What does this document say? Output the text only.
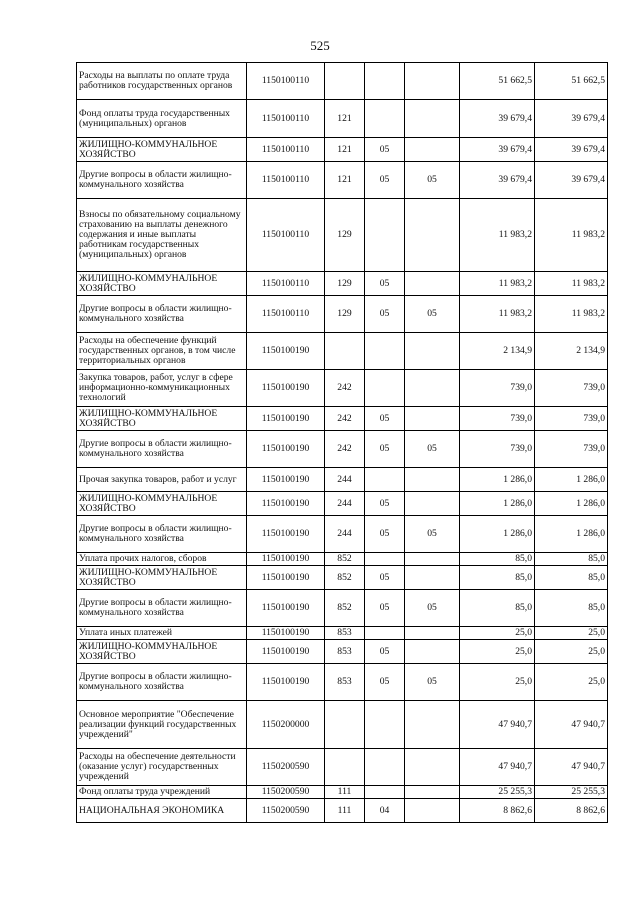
525
Расходы на выплаты по оплате труда работников государственных органов	1150100110				51 662,5	51 662,5
Фонд оплаты труда государственных (муниципальных) органов	1150100110	121			39 679,4	39 679,4
ЖИЛИЩНО-КОММУНАЛЬНОЕ ХОЗЯЙСТВО	1150100110	121	05		39 679,4	39 679,4
Другие вопросы в области жилищно-коммунального хозяйства	1150100110	121	05	05	39 679,4	39 679,4
Взносы по обязательному социальному страхованию на выплаты денежного содержания и иные выплаты работникам государственных (муниципальных) органов	1150100110	129			11 983,2	11 983,2
ЖИЛИЩНО-КОММУНАЛЬНОЕ ХОЗЯЙСТВО	1150100110	129	05		11 983,2	11 983,2
Другие вопросы в области жилищно-коммунального хозяйства	1150100110	129	05	05	11 983,2	11 983,2
Расходы на обеспечение функций государственных органов, в том числе территориальных органов	1150100190				2 134,9	2 134,9
Закупка товаров, работ, услуг в сфере информационно-коммуникационных технологий	1150100190	242			739,0	739,0
ЖИЛИЩНО-КОММУНАЛЬНОЕ ХОЗЯЙСТВО	1150100190	242	05		739,0	739,0
Другие вопросы в области жилищно-коммунального хозяйства	1150100190	242	05	05	739,0	739,0
Прочая закупка товаров, работ и услуг	1150100190	244			1 286,0	1 286,0
ЖИЛИЩНО-КОММУНАЛЬНОЕ ХОЗЯЙСТВО	1150100190	244	05		1 286,0	1 286,0
Другие вопросы в области жилищно-коммунального хозяйства	1150100190	244	05	05	1 286,0	1 286,0
Уплата прочих налогов, сборов	1150100190	852			85,0	85,0
ЖИЛИЩНО-КОММУНАЛЬНОЕ ХОЗЯЙСТВО	1150100190	852	05		85,0	85,0
Другие вопросы в области жилищно-коммунального хозяйства	1150100190	852	05	05	85,0	85,0
Уплата иных платежей	1150100190	853			25,0	25,0
ЖИЛИЩНО-КОММУНАЛЬНОЕ ХОЗЯЙСТВО	1150100190	853	05		25,0	25,0
Другие вопросы в области жилищно-коммунального хозяйства	1150100190	853	05	05	25,0	25,0
Основное мероприятие "Обеспечение реализации функций государственных учреждений"	1150200000				47 940,7	47 940,7
Расходы на обеспечение деятельности (оказание услуг) государственных учреждений	1150200590				47 940,7	47 940,7
Фонд оплаты труда учреждений	1150200590	111			25 255,3	25 255,3
НАЦИОНАЛЬНАЯ ЭКОНОМИКА	1150200590	111	04		8 862,6	8 862,6
